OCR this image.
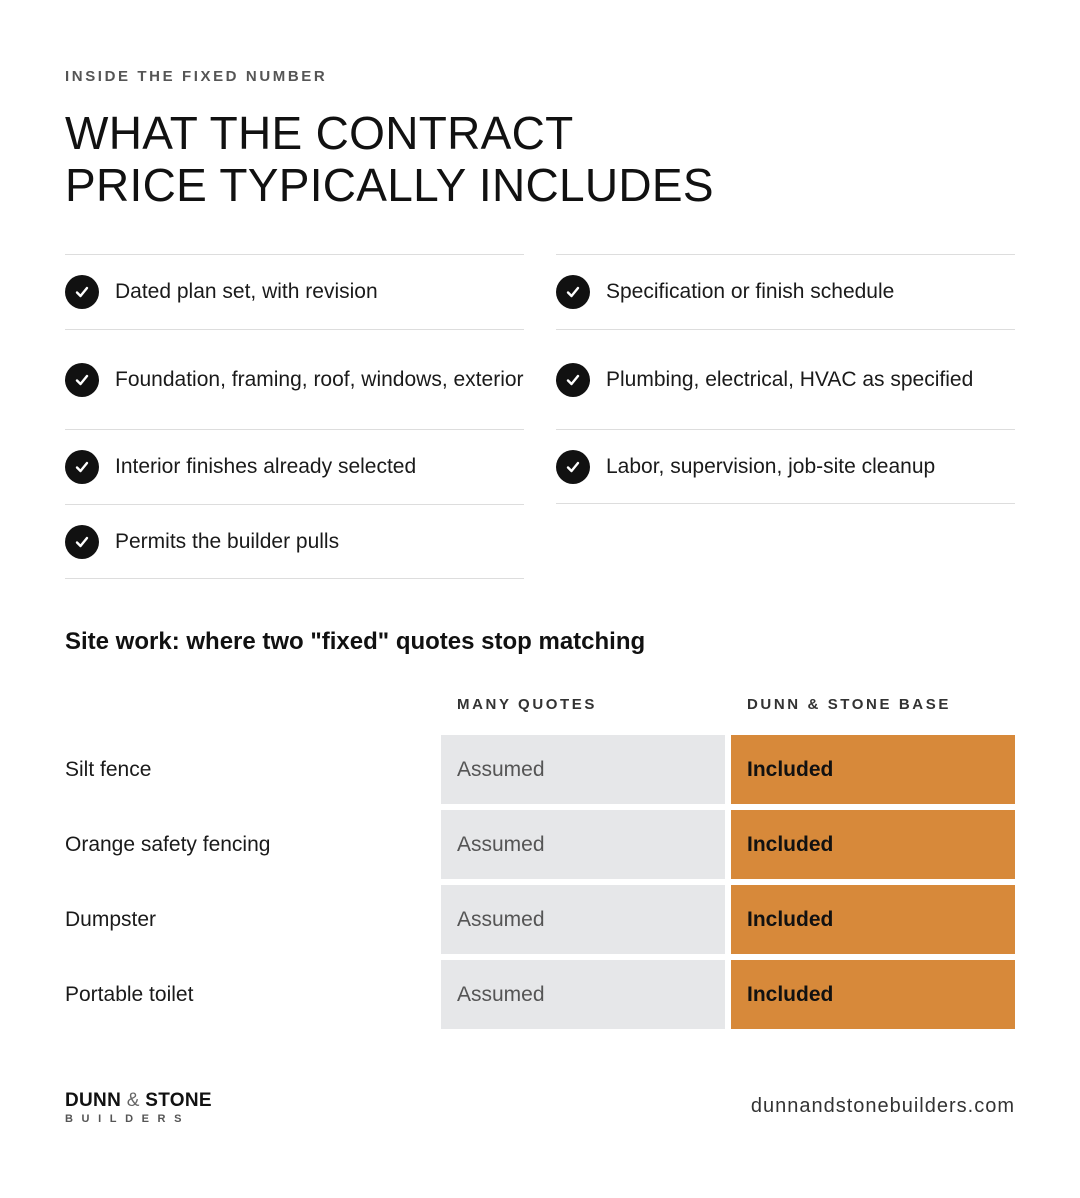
INSIDE THE FIXED NUMBER
WHAT THE CONTRACT
PRICE TYPICALLY INCLUDES
Dated plan set, with revision
Foundation, framing, roof, windows, exterior
Interior finishes already selected
Permits the builder pulls
Specification or finish schedule
Plumbing, electrical, HVAC as specified
Labor, supervision, job-site cleanup
Site work: where two "fixed" quotes stop matching
MANY QUOTES	DUNN & STONE BASE
Silt fence	Assumed	Included
Orange safety fencing	Assumed	Included
Dumpster	Assumed	Included
Portable toilet	Assumed	Included
DUNN & STONE
BUILDERS
dunnandstonebuilders.com
